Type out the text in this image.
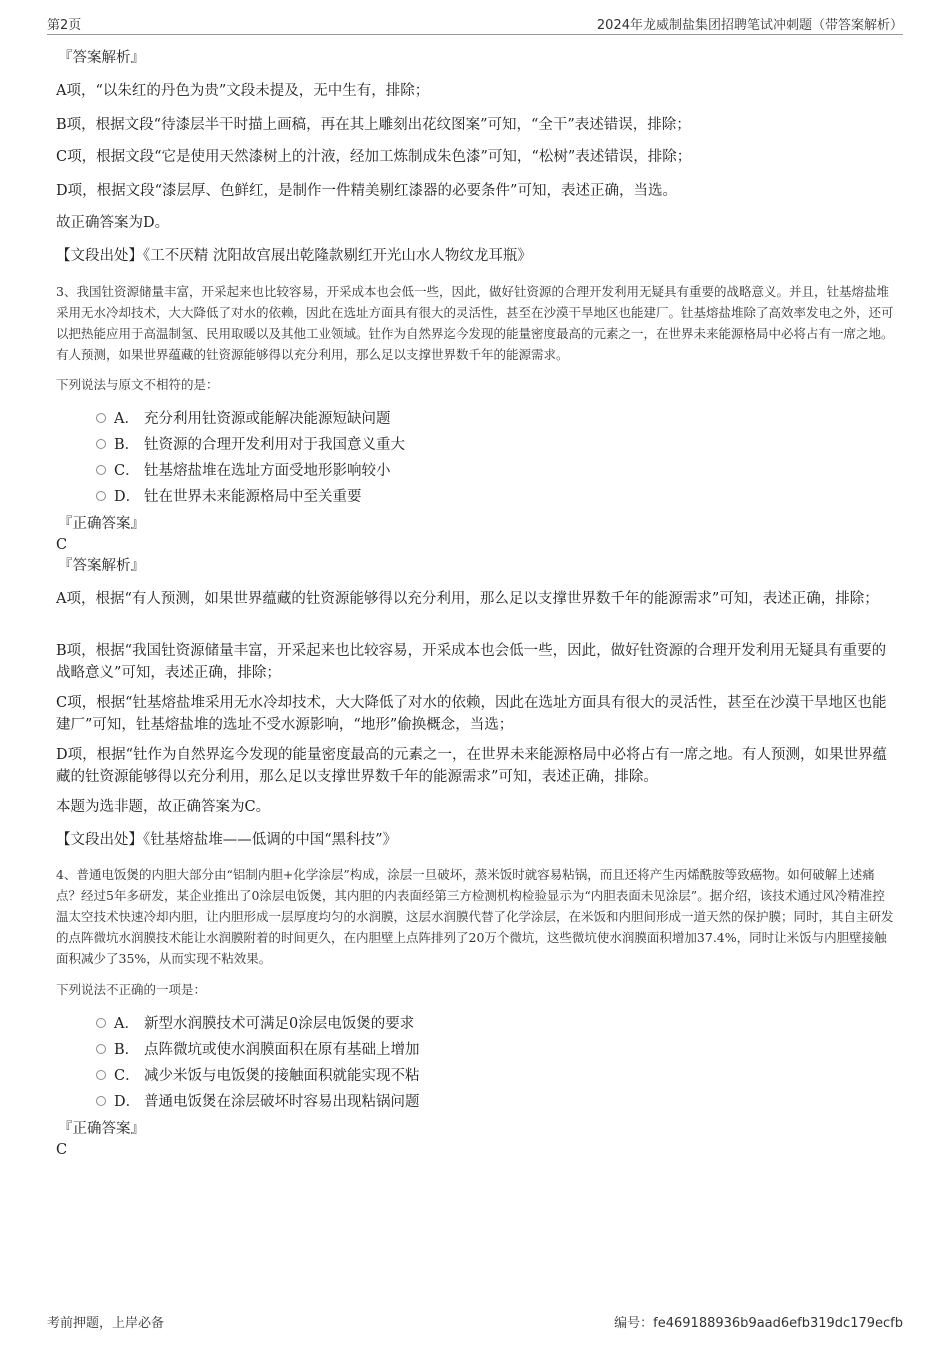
第2页	2024年龙威制盐集团招聘笔试冲刺题（带答案解析）
『答案解析』
A项，“以朱红的丹色为贵”文段未提及，无中生有，排除；
B项，根据文段“待漆层半干时描上画稿，再在其上雕刻出花纹图案”可知，“全干”表述错误，排除；
C项，根据文段“它是使用天然漆树上的汁液，经加工炼制成朱色漆”可知，“松树”表述错误，排除；
D项，根据文段“漆层厚、色鲜红，是制作一件精美剔红漆器的必要条件”可知，表述正确，当选。
故正确答案为D。
【文段出处】《工不厌精 沈阳故宫展出乾隆款剔红开光山水人物纹龙耳瓶》
3、我国钍资源储量丰富，开采起来也比较容易，开采成本也会低一些，因此，做好钍资源的合理开发利用无疑具有重要的战略意义。并且，钍基熔盐堆采用无水冷却技术，大大降低了对水的依赖，因此在选址方面具有很大的灵活性，甚至在沙漠干旱地区也能建厂。钍基熔盐堆除了高效率发电之外，还可以把热能应用于高温制氢、民用取暖以及其他工业领域。钍作为自然界迄今发现的能量密度最高的元素之一，在世界未来能源格局中必将占有一席之地。有人预测，如果世界蕴藏的钍资源能够得以充分利用，那么足以支撑世界数千年的能源需求。
下列说法与原文不相符的是：
A． 充分利用钍资源或能解决能源短缺问题
B． 钍资源的合理开发利用对于我国意义重大
C． 钍基熔盐堆在选址方面受地形影响较小
D． 钍在世界未来能源格局中至关重要
『正确答案』
C
『答案解析』
A项，根据“有人预测，如果世界蕴藏的钍资源能够得以充分利用，那么足以支撑世界数千年的能源需求”可知，表述正确，排除；
B项，根据“我国钍资源储量丰富，开采起来也比较容易，开采成本也会低一些，因此，做好钍资源的合理开发利用无疑具有重要的战略意义”可知，表述正确，排除；
C项，根据“钍基熔盐堆采用无水冷却技术，大大降低了对水的依赖，因此在选址方面具有很大的灵活性，甚至在沙漠干旱地区也能建厂”可知，钍基熔盐堆的选址不受水源影响，“地形”偷换概念，当选；
D项，根据“钍作为自然界迄今发现的能量密度最高的元素之一，在世界未来能源格局中必将占有一席之地。有人预测，如果世界蕴藏的钍资源能够得以充分利用，那么足以支撑世界数千年的能源需求”可知，表述正确，排除。
本题为选非题，故正确答案为C。
【文段出处】《钍基熔盐堆——低调的中国“黑科技”》
4、普通电饭煲的内胆大部分由“铝制内胆+化学涂层”构成，涂层一旦破坏，蒸米饭时就容易粘锅，而且还将产生丙烯酰胺等致癌物。如何破解上述痛点？经过5年多研发，某企业推出了0涂层电饭煲，其内胆的内表面经第三方检测机构检验显示为“内胆表面未见涂层”。据介绍，该技术通过风冷精准控温太空技术快速冷却内胆，让内胆形成一层厚度均匀的水润膜，这层水润膜代替了化学涂层，在米饭和内胆间形成一道天然的保护膜；同时，其自主研发的点阵微坑水润膜技术能让水润膜附着的时间更久，在内胆壁上点阵排列了20万个微坑，这些微坑使水润膜面积增加37.4%，同时让米饭与内胆壁接触面积减少了35%，从而实现不粘效果。
下列说法不正确的一项是：
A． 新型水润膜技术可满足0涂层电饭煲的要求
B． 点阵微坑或使水润膜面积在原有基础上增加
C． 减少米饭与电饭煲的接触面积就能实现不粘
D． 普通电饭煲在涂层破坏时容易出现粘锅问题
『正确答案』
C
考前押题，上岸必备	编号：fe469188936b9aad6efb319dc179ecfb
